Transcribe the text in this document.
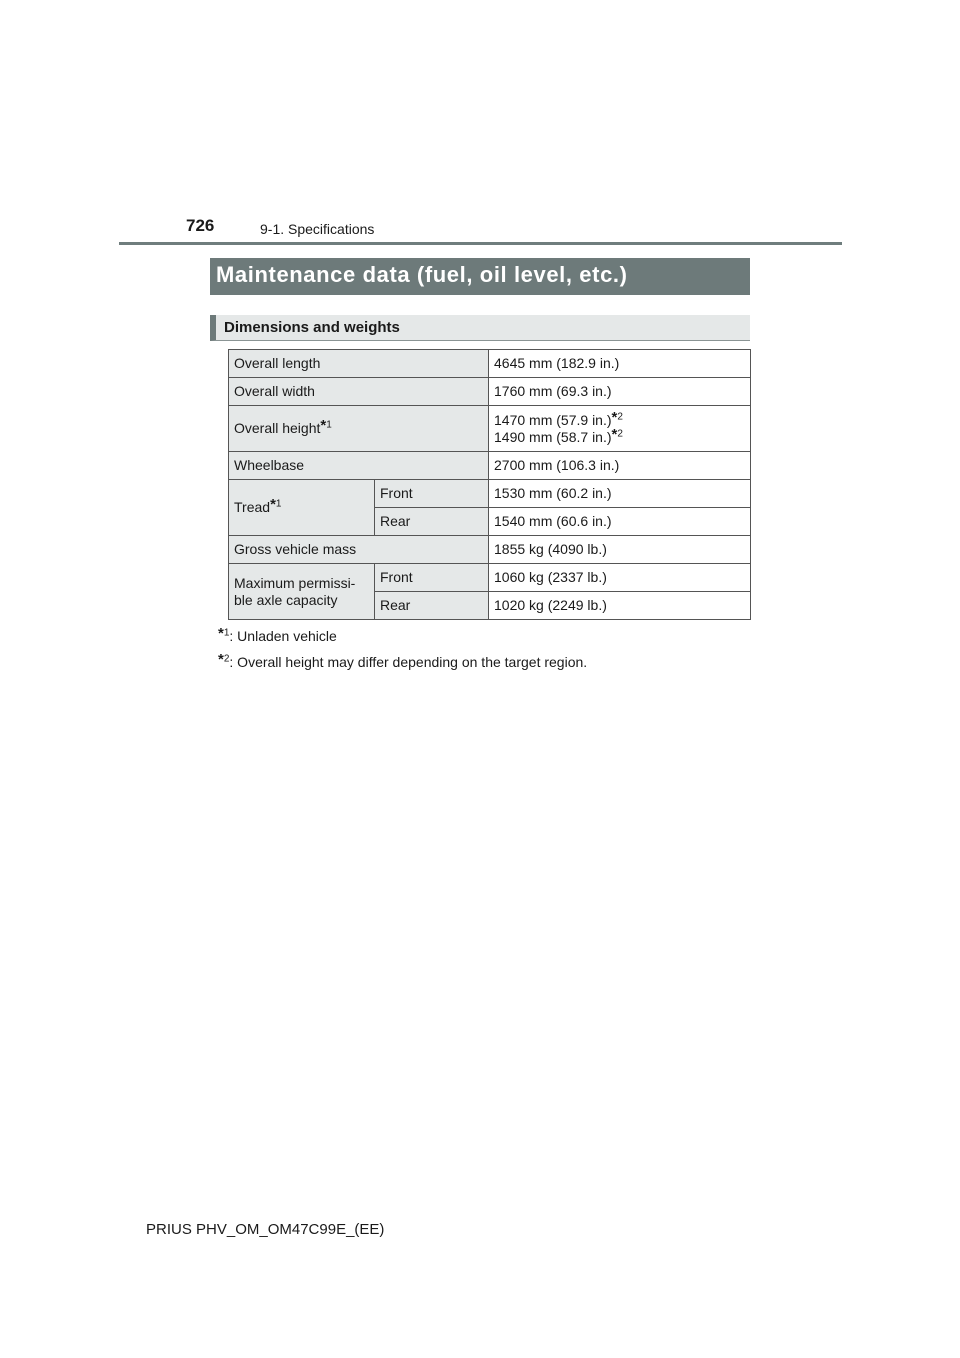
726	9-1. Specifications
Maintenance data (fuel, oil level, etc.)
Dimensions and weights
Overall length		4645 mm (182.9 in.)
Overall width		1760 mm (69.3 in.)
Overall height*$^1$		1470 mm (57.9 in.)*$^2$
1490 mm (58.7 in.)*$^2$

Wheelbase		2700 mm (106.3 in.)
Tread*$^1$	Front	1530 mm (60.2 in.)
	Rear	1540 mm (60.6 in.)
Gross vehicle mass		1855 kg (4090 lb.)

Maximum permissi-
ble axle capacity	Front	1060 kg (2337 lb.)
	Rear	1020 kg (2249 lb.)
*$^1$: Unladen vehicle
*$^2$: Overall height may differ depending on the target region.
PRIUS PHV_OM_OM47C99E_(EE)
